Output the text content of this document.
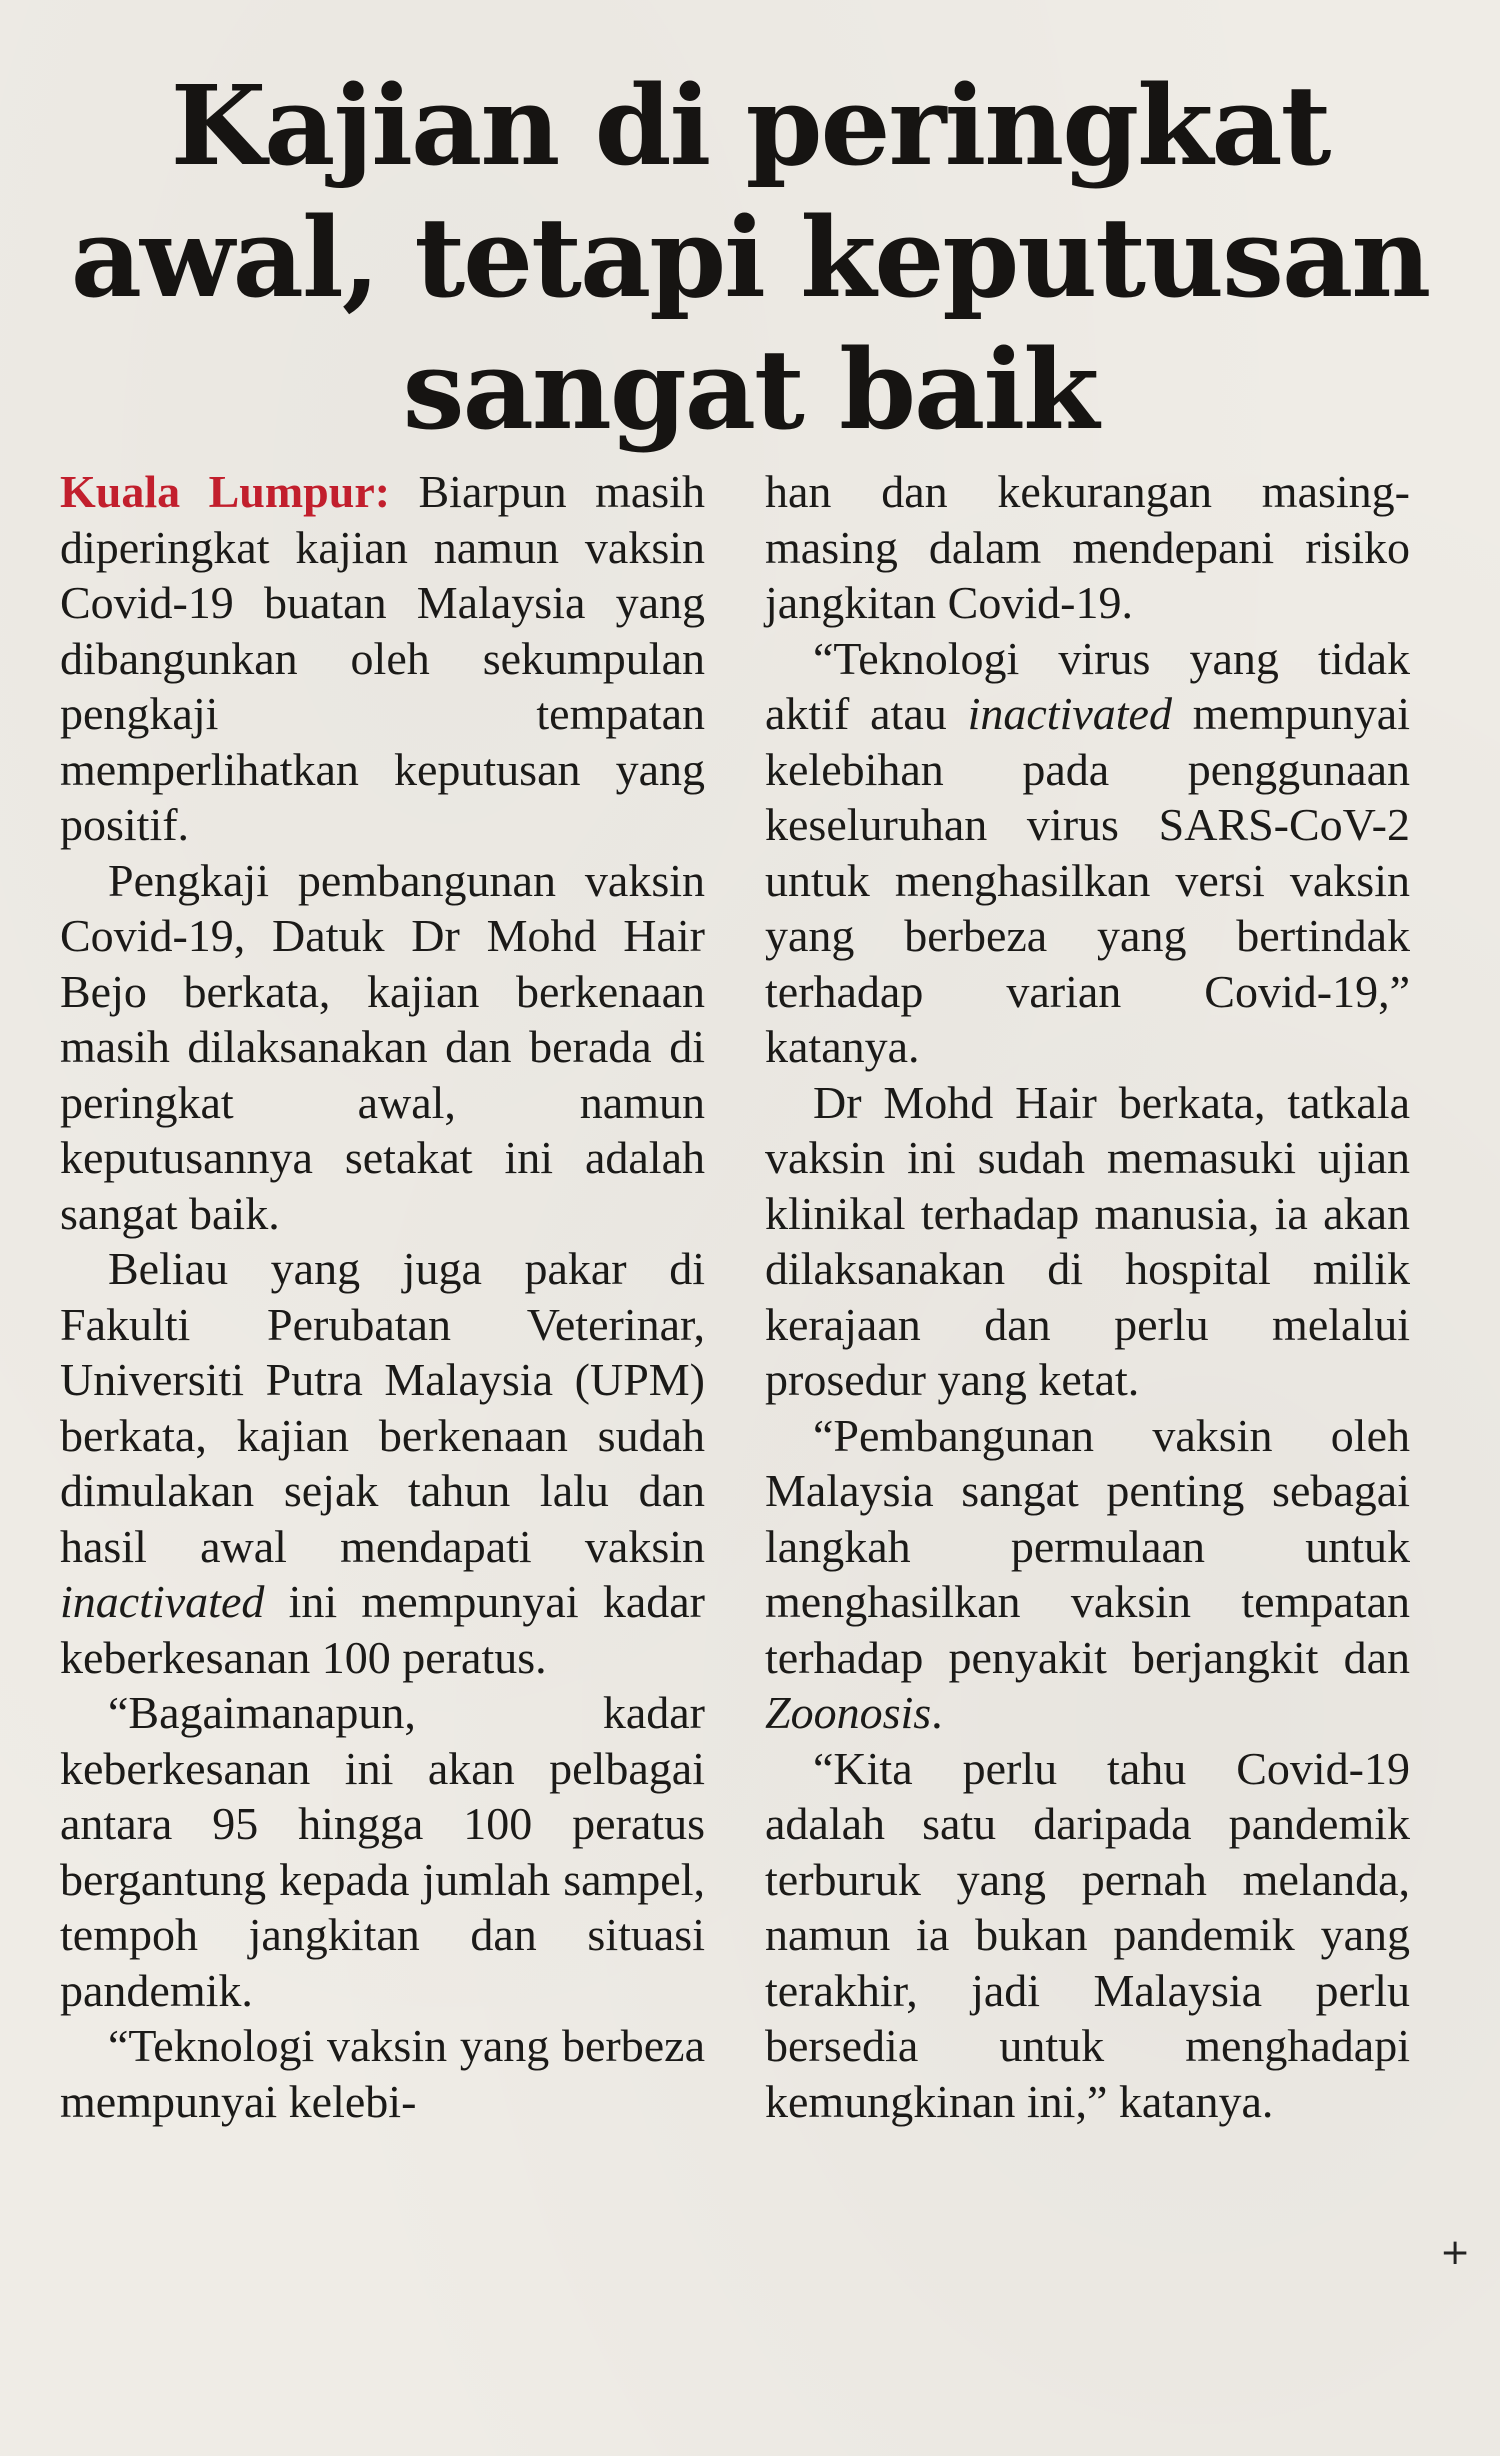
Kajian di peringkat
awal, tetapi keputusan
sangat baik

Kuala Lumpur: Biarpun masih diperingkat kajian namun vaksin Covid-19 buatan Malaysia yang dibangunkan oleh sekumpulan pengkaji tempatan memperlihatkan keputusan yang positif.

Pengkaji pembangunan vaksin Covid-19, Datuk Dr Mohd Hair Bejo berkata, kajian berkenaan masih dilaksanakan dan berada di peringkat awal, namun keputusannya setakat ini adalah sangat baik.

Beliau yang juga pakar di Fakulti Perubatan Veterinar, Universiti Putra Malaysia (UPM) berkata, kajian berkenaan sudah dimulakan sejak tahun lalu dan hasil awal mendapati vaksin inactivated ini mempunyai kadar keberkesanan 100 peratus.

“Bagaimanapun, kadar keberkesanan ini akan pelbagai antara 95 hingga 100 peratus bergantung kepada jumlah sampel, tempoh jangkitan dan situasi pandemik.

“Teknologi vaksin yang berbeza mempunyai kelebi-

han dan kekurangan masing-masing dalam mendepani risiko jangkitan Covid-19.

“Teknologi virus yang tidak aktif atau inactivated mempunyai kelebihan pada penggunaan keseluruhan virus SARS-CoV-2 untuk menghasilkan versi vaksin yang berbeza yang bertindak terhadap varian Covid-19,” katanya.

Dr Mohd Hair berkata, tatkala vaksin ini sudah memasuki ujian klinikal terhadap manusia, ia akan dilaksanakan di hospital milik kerajaan dan perlu melalui prosedur yang ketat.

“Pembangunan vaksin oleh Malaysia sangat penting sebagai langkah permulaan untuk menghasilkan vaksin tempatan terhadap penyakit berjangkit dan Zoonosis.

“Kita perlu tahu Covid-19 adalah satu daripada pandemik terburuk yang pernah melanda, namun ia bukan pandemik yang terakhir, jadi Malaysia perlu bersedia untuk menghadapi kemungkinan ini,” katanya.

+
